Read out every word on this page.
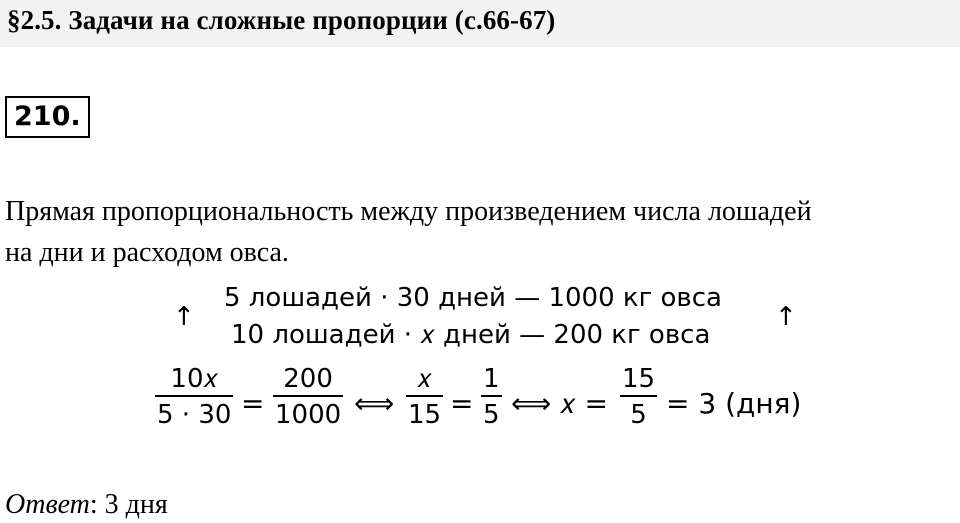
§2.5. Задачи на сложные пропорции (с.66-67)
210.
Прямая пропорциональность между произведением числа лошадей
на дни и расходом овса.
↑	↑
5 лошадей · 30 дней — 1000 кг овса
10 лошадей · 𝑥 дней — 200 кг овса
10𝑥
5 · 30 =
200
1000 ⟺
𝑥
15 =
1
5 ⟺ 𝑥 =
15
5 = 3 (дня)
Ответ: 3 дня
